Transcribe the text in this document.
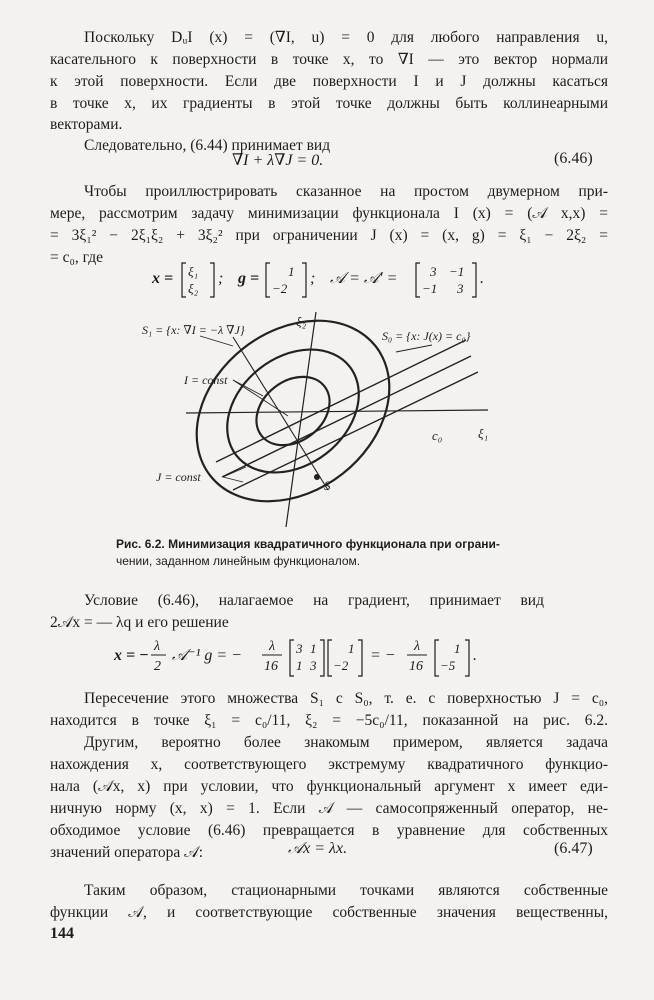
Поскольку DᵤI (x) = (∇I, u) = 0 для любого направления u,
касательного к поверхности в точке x, то ∇I — это вектор нормали
к этой поверхности. Если две поверхности I и J должны касаться
в точке x, их градиенты в этой точке должны быть коллинеарными
векторами.
Следовательно, (6.44) принимает вид
∇I + λ∇J = 0.	(6.46)
Чтобы проиллюстрировать сказанное на простом двумерном при-
мере, рассмотрим задачу минимизации функционала I (x) = (𝒜 x,x) =
= 3ξ₁² − 2ξ₁ξ₂ + 3ξ₂² при ограничении J (x) = (x, g) = ξ₁ − 2ξ₂ =
= c₀, где
x = ξ₁
ξ₂
; g = 1
−2
; 𝒜 = 𝒜′ =	3 −1
−1 3
.
S₁ = {x: ∇I = −λ ∇J}	S₀ = {x: J(x) = c₀}
I = const
J = const
ξ₂
ξ₁
c₀
S
Рис. 6.2. Минимизация квадратичного функционала при ограни-
чении, заданном линейным функционалом.
Условие (6.46), налагаемое на градиент, принимает вид
2𝒜x = — λq и его решение
x = −
λ
2
𝒜⁻¹ g = −
λ
16
3 1
1 3
1
−2
= −
λ
16
1
−5
.
Пересечение этого множества S₁ с S₀, т. е. с поверхностью J = c₀,
находится в точке ξ₁ = c₀/11, ξ₂ = −5c₀/11, показанной на рис. 6.2.
Другим, вероятно более знакомым примером, является задача
нахождения x, соответствующего экстремуму квадратичного функцио-
нала (𝒜x, x) при условии, что функциональный аргумент x имеет еди-
ничную норму (x, x) = 1. Если 𝒜 — самосопряженный оператор, не-
обходимое условие (6.46) превращается в уравнение для собственных
значений оператора 𝒜:	𝒜x = λx.	(6.47)
Таким образом, стационарными точками являются собственные
функции 𝒜, и соответствующие собственные значения вещественны,
144
